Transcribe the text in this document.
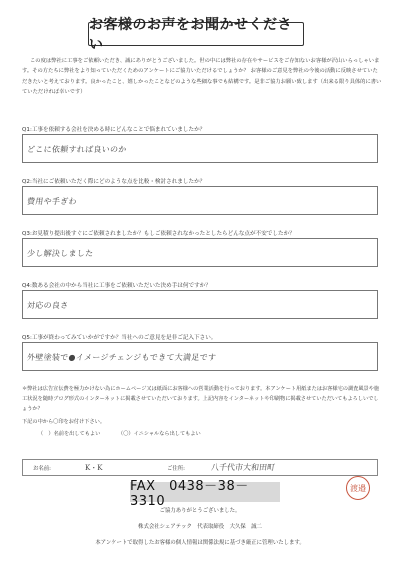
お客様のお声をお聞かせください
この度は弊社に工事をご依頼いただき、誠にありがとうございました。世の中には弊社の存在やサービスをご存知ないお客様が沢山いらっしゃいます。その方たちに弊社をより知っていただくためのアンケートにご協力いただけるでしょうか？ お客様のご意見を弊社の今後の活動に反映させていただきたいと考えております。良かったこと、嬉しかったことなどのような些細な事でも結構です。是非ご協力お願い致します（出来る限り具体的に書いていただければ幸いです）
Q1:工事を依頼する会社を決める時にどんなことで悩まれていましたか？
どこに依頼すれば良いのか
Q2:当社にご依頼いただく際にどのような点を比較・検討されましたか？
費用や手ぎわ
Q3:お見積り提出後すぐにご依頼されましたか？もしご依頼されなかったとしたらどんな点が不安でしたか？
少し解決しました
Q4:数ある会社の中から当社に工事をご依頼いただいた決め手は何ですか？
対応の良さ
Q5:工事が終わってみていかがですか？当社へのご意見を是非ご記入下さい。
外壁塗装で●イメージチェンジもできて大満足です
＊弊社は広告宣伝費を極力かけない為にホームページ又は紙面にお客様への営業活動を行っております。本アンケート用紙またはお客様宅の調査風景や施工状況を随時ブログ形式のインターネットに掲載させていただいております。上記内容をインターネットや印刷物に掲載させていただいてもよろしいでしょうか？
下記の中から〇印をお付け下さい。
（　）名前を出してもよい	（〇）イニシャルなら出してもよい
お名前:	K・K	ご住所:	八千代市大和田町
FAX　0438－38－3310
渡邉
ご協力ありがとうございました。
株式会社シェアテック　代表取締役　大久保　誠二
本アンケートで取得したお客様の個人情報は関係法規に基づき厳正に管理いたします。
